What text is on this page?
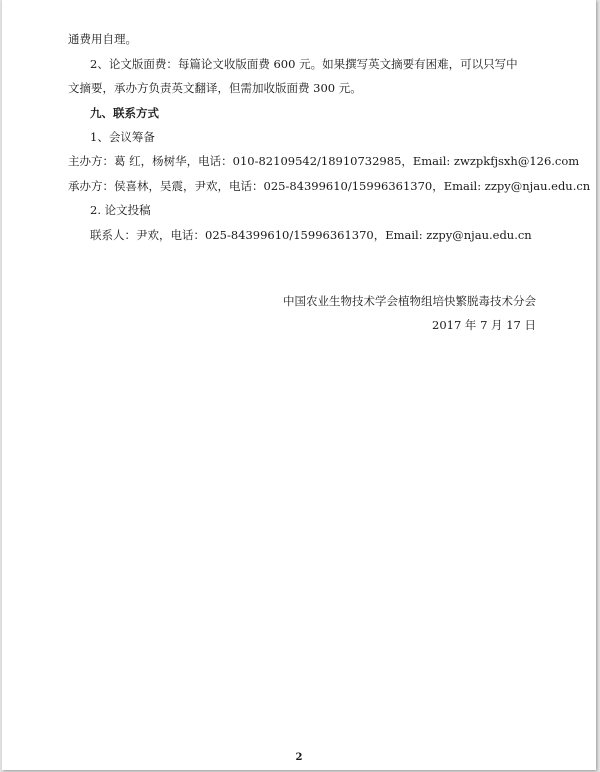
通费用自理。
2、论文版面费：每篇论文收版面费 600 元。如果撰写英文摘要有困难，可以只写中
文摘要，承办方负责英文翻译，但需加收版面费 300 元。
九、联系方式
1、会议筹备
主办方：葛 红，杨树华，电话：010-82109542/18910732985，Email: zwzpkfjsxh@126.com
承办方：侯喜林，吴震，尹欢，电话：025-84399610/15996361370，Email: zzpy@njau.edu.cn
2. 论文投稿
联系人：尹欢，电话：025-84399610/15996361370，Email: zzpy@njau.edu.cn
中国农业生物技术学会植物组培快繁脱毒技术分会
2017 年 7 月 17 日
2
